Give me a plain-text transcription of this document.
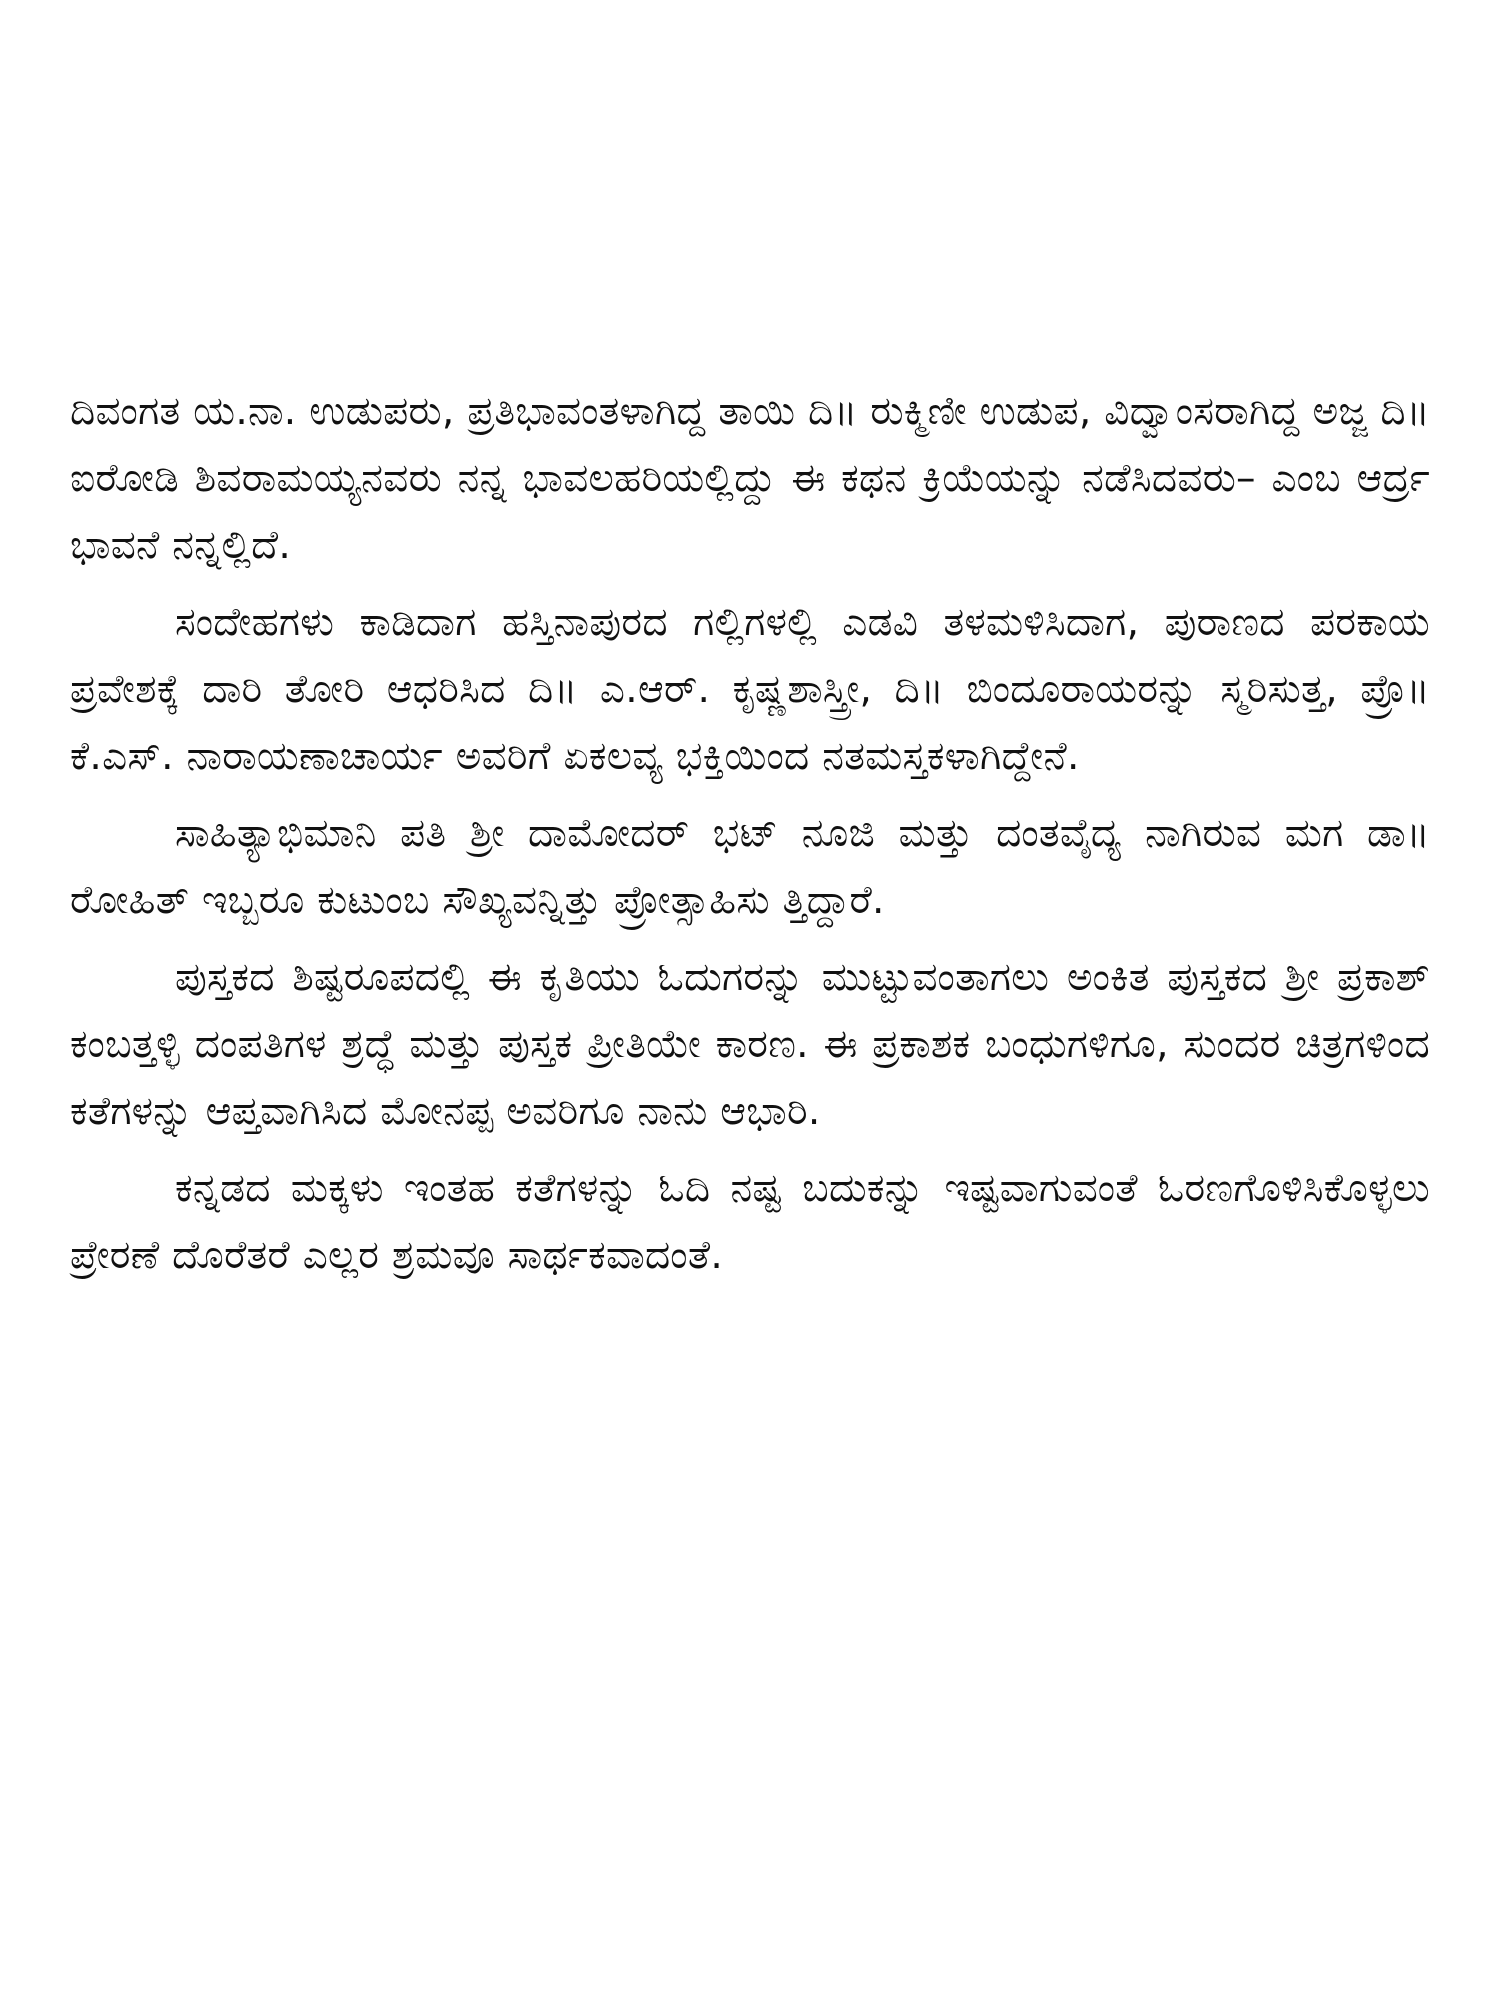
ದಿವಂಗತ ಯ.ನಾ. ಉಡುಪರು, ಪ್ರತಿಭಾವಂತಳಾಗಿದ್ದ ತಾಯಿ ದಿ॥ ರುಕ್ಮಿಣೀ ಉಡುಪ, ವಿದ್ವಾಂಸರಾಗಿದ್ದ ಅಜ್ಜ ದಿ॥ ಐರೋಡಿ ಶಿವರಾಮಯ್ಯನವರು ನನ್ನ ಭಾವಲಹರಿಯಲ್ಲಿದ್ದು ಈ ಕಥನ ಕ್ರಿಯೆಯನ್ನು ನಡೆಸಿದವರು– ಎಂಬ ಆರ್ದ್ರ ಭಾವನೆ ನನ್ನಲ್ಲಿದೆ.

ಸಂದೇಹಗಳು ಕಾಡಿದಾಗ ಹಸ್ತಿನಾಪುರದ ಗಲ್ಲಿಗಳಲ್ಲಿ ಎಡವಿ ತಳಮಳಿಸಿದಾಗ, ಪುರಾಣದ ಪರಕಾಯ ಪ್ರವೇಶಕ್ಕೆ ದಾರಿ ತೋರಿ ಆಧರಿಸಿದ ದಿ॥ ಎ.ಆರ್. ಕೃಷ್ಣಶಾಸ್ತ್ರೀ, ದಿ॥ ಬಿಂದೂರಾಯರನ್ನು ಸ್ಮರಿಸುತ್ತ, ಪ್ರೊ॥ ಕೆ.ಎಸ್. ನಾರಾಯಣಾಚಾರ್ಯ ಅವರಿಗೆ ಏಕಲವ್ಯ ಭಕ್ತಿಯಿಂದ ನತಮಸ್ತಕಳಾಗಿದ್ದೇನೆ.

ಸಾಹಿತ್ಯಾಭಿಮಾನಿ ಪತಿ ಶ್ರೀ ದಾಮೋದರ್ ಭಟ್ ನೂಜಿ ಮತ್ತು ದಂತವೈದ್ಯ ನಾಗಿರುವ ಮಗ ಡಾ॥ ರೋಹಿತ್ ಇಬ್ಬರೂ ಕುಟುಂಬ ಸೌಖ್ಯವನ್ನಿತ್ತು ಪ್ರೋತ್ಸಾಹಿಸು ತ್ತಿದ್ದಾರೆ.

ಪುಸ್ತಕದ ಶಿಷ್ಟರೂಪದಲ್ಲಿ ಈ ಕೃತಿಯು ಓದುಗರನ್ನು ಮುಟ್ಟುವಂತಾಗಲು ಅಂಕಿತ ಪುಸ್ತಕದ ಶ್ರೀ ಪ್ರಕಾಶ್ ಕಂಬತ್ತಳ್ಳಿ ದಂಪತಿಗಳ ಶ್ರದ್ಧೆ ಮತ್ತು ಪುಸ್ತಕ ಪ್ರೀತಿಯೇ ಕಾರಣ. ಈ ಪ್ರಕಾಶಕ ಬಂಧುಗಳಿಗೂ, ಸುಂದರ ಚಿತ್ರಗಳಿಂದ ಕತೆಗಳನ್ನು ಆಪ್ತವಾಗಿಸಿದ ಮೋನಪ್ಪ ಅವರಿಗೂ ನಾನು ಆಭಾರಿ.

ಕನ್ನಡದ ಮಕ್ಕಳು ಇಂತಹ ಕತೆಗಳನ್ನು ಓದಿ ನಷ್ಟ ಬದುಕನ್ನು ಇಷ್ಟವಾಗುವಂತೆ ಓರಣಗೊಳಿಸಿಕೊಳ್ಳಲು ಪ್ರೇರಣೆ ದೊರೆತರೆ ಎಲ್ಲರ ಶ್ರಮವೂ ಸಾರ್ಥಕವಾದಂತೆ.
